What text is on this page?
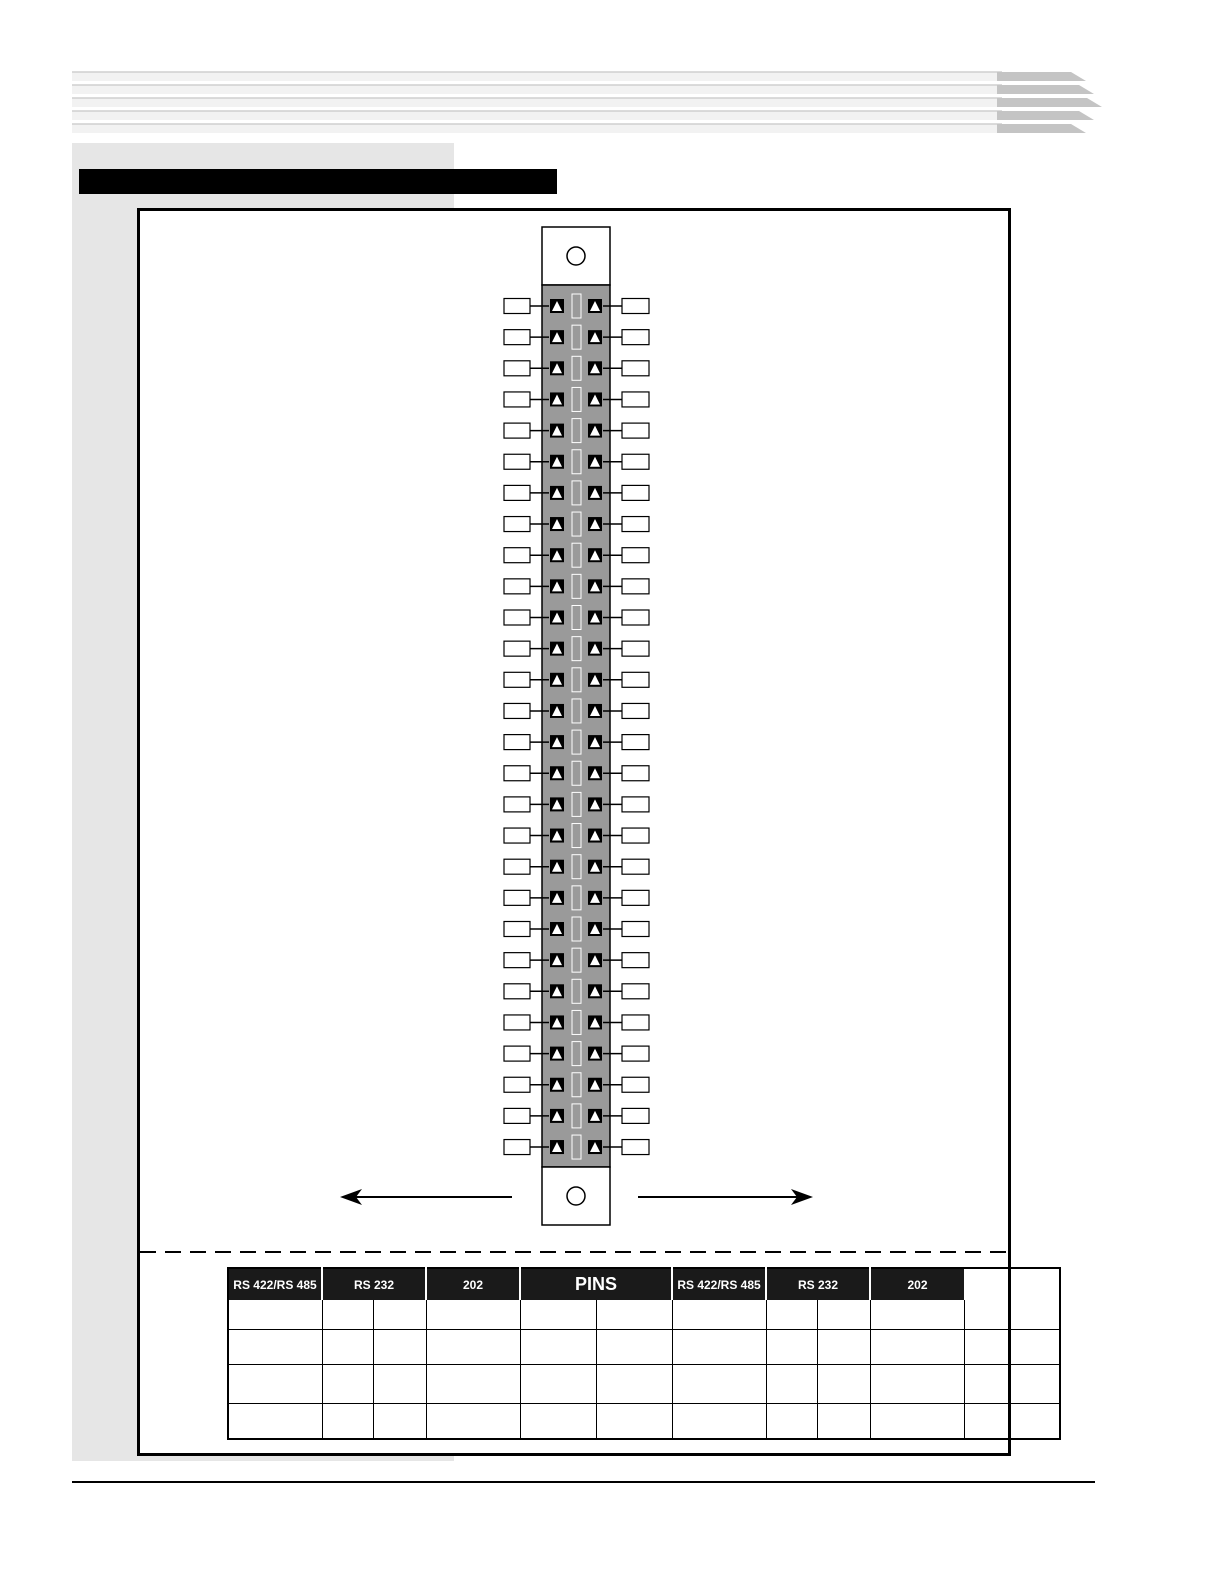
RS 422/RS 485	RS 232		202	PINS		RS 422/RS 485	RS 232		202	
